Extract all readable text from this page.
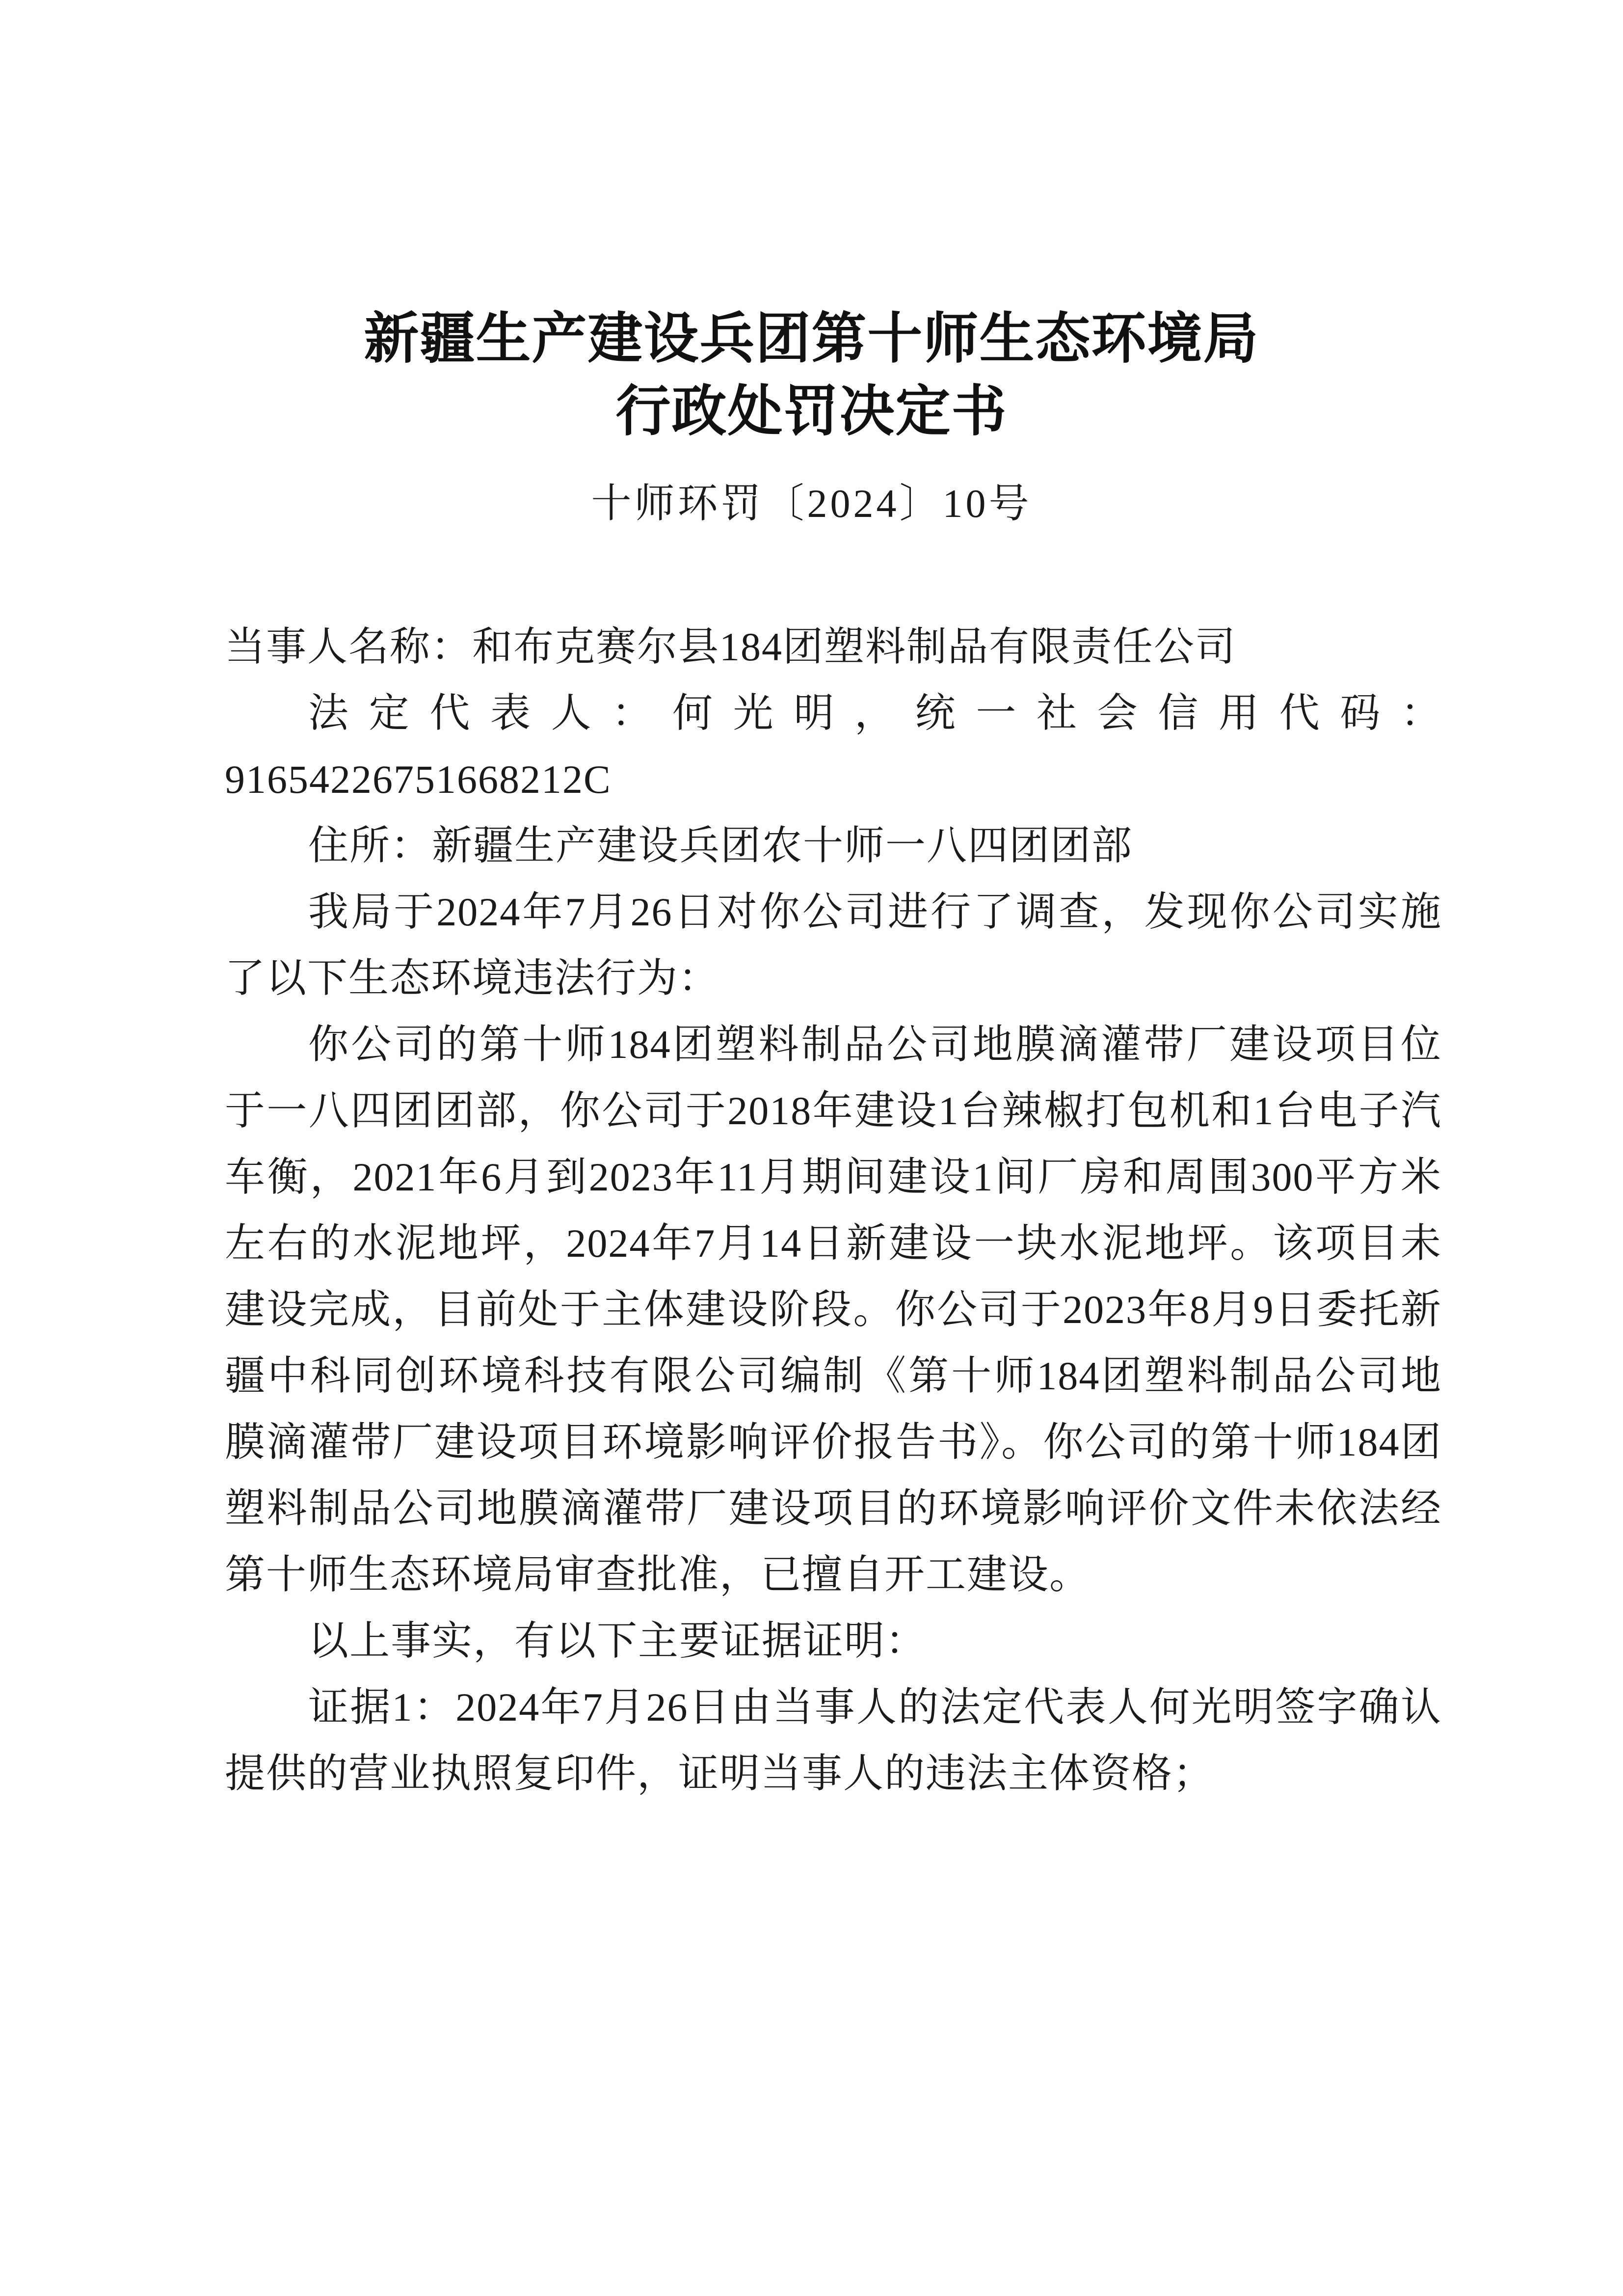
新疆生产建设兵团第十师生态环境局
行政处罚决定书
十师环罚〔2024〕10号

当事人名称：和布克赛尔县184团塑料制品有限责任公司

法定代表人：何光明，统一社会信用代码：91654226751668212C

住所：新疆生产建设兵团农十师一八四团团部

我局于2024年7月26日对你公司进行了调查，发现你公司实施了以下生态环境违法行为：

你公司的第十师184团塑料制品公司地膜滴灌带厂建设项目位于一八四团团部，你公司于2018年建设1台辣椒打包机和1台电子汽车衡，2021年6月到2023年11月期间建设1间厂房和周围300平方米左右的水泥地坪，2024年7月14日新建设一块水泥地坪。该项目未建设完成，目前处于主体建设阶段。你公司于2023年8月9日委托新疆中科同创环境科技有限公司编制《第十师184团塑料制品公司地膜滴灌带厂建设项目环境影响评价报告书》。你公司的第十师184团塑料制品公司地膜滴灌带厂建设项目的环境影响评价文件未依法经第十师生态环境局审查批准，已擅自开工建设。

以上事实，有以下主要证据证明：

证据1：2024年7月26日由当事人的法定代表人何光明签字确认提供的营业执照复印件，证明当事人的违法主体资格；
